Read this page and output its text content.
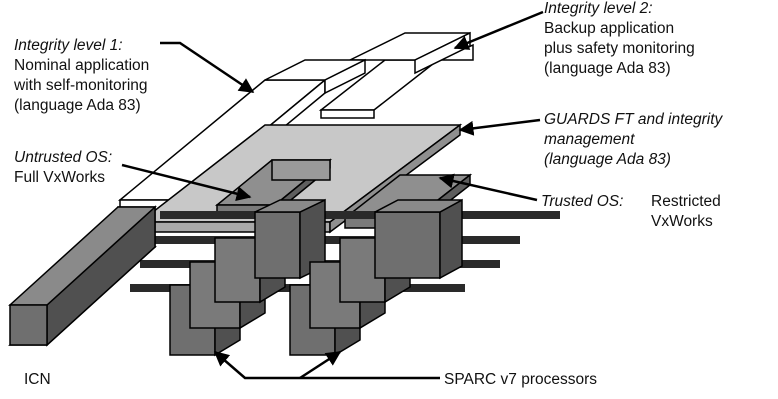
Integrity level 1:
Nominal application
with self-monitoring
(language Ada 83)
Integrity level 2:
Backup application
plus safety monitoring
(language Ada 83)
GUARDS FT and integrity
management
(language Ada 83)
Untrusted OS:
Full VxWorks
Trusted OS: Restricted
VxWorks
ICN	SPARC v7 processors
